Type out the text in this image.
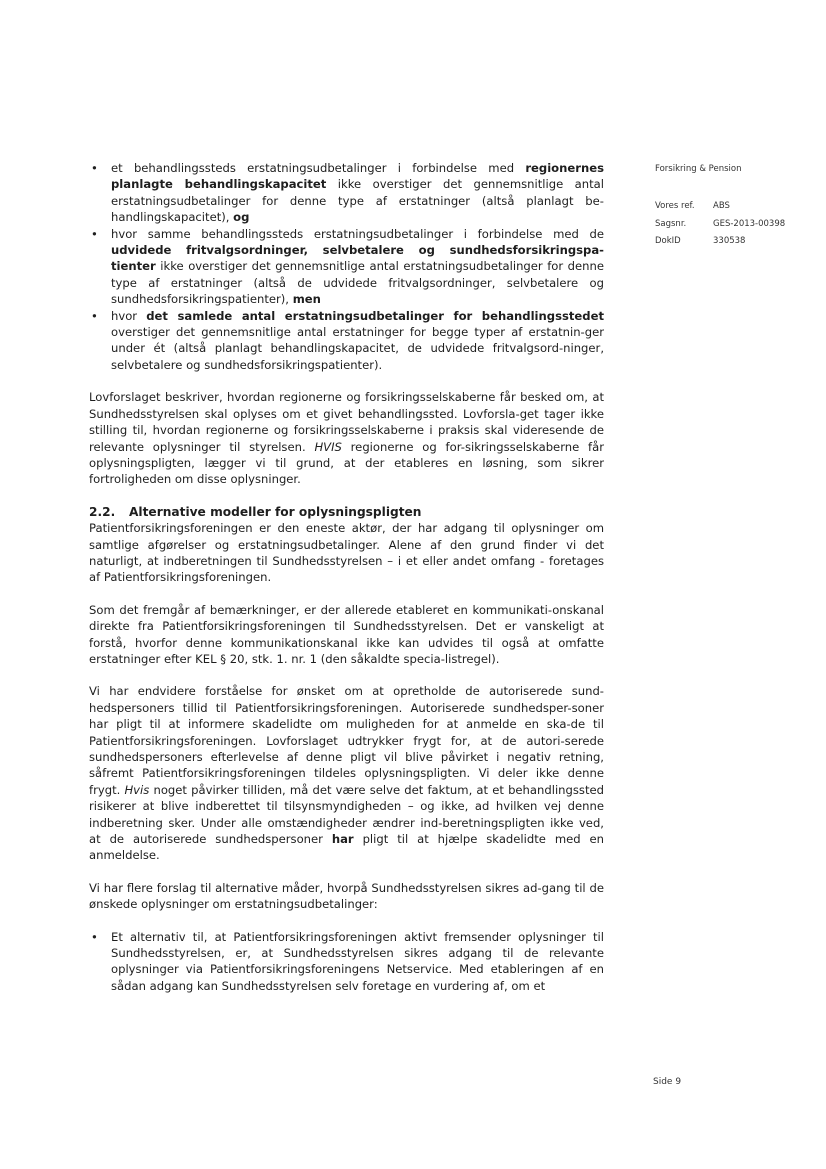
Forsikring & Pension
Vores ref. ABS
Sagsnr.	GES-2013-00398
DokID	330538
• et behandlingssteds erstatningsudbetalinger i forbindelse med regionernes planlagte behandlingskapacitet ikke overstiger det gennemsnitlige antal erstatningsudbetalinger for denne type af erstatninger (altså planlagt be-handlingskapacitet), og
• hvor samme behandlingssteds erstatningsudbetalinger i forbindelse med de udvidede fritvalgsordninger, selvbetalere og sundhedsforsikringspa-tienter ikke overstiger det gennemsnitlige antal erstatningsudbetalinger for denne type af erstatninger (altså de udvidede fritvalgsordninger, selvbetalere og sundhedsforsikringspatienter), men
• hvor det samlede antal erstatningsudbetalinger for behandlingsstedet overstiger det gennemsnitlige antal erstatninger for begge typer af erstatnin-ger under ét (altså planlagt behandlingskapacitet, de udvidede fritvalgsord-ninger, selvbetalere og sundhedsforsikringspatienter).

Lovforslaget beskriver, hvordan regionerne og forsikringsselskaberne får besked om, at Sundhedsstyrelsen skal oplyses om et givet behandlingssted. Lovforsla-get tager ikke stilling til, hvordan regionerne og forsikringsselskaberne i praksis skal videresende de relevante oplysninger til styrelsen. HVIS regionerne og for-sikringsselskaberne får oplysningspligten, lægger vi til grund, at der etableres en løsning, som sikrer fortroligheden om disse oplysninger.

2.2. Alternative modeller for oplysningspligten

Patientforsikringsforeningen er den eneste aktør, der har adgang til oplysninger om samtlige afgørelser og erstatningsudbetalinger. Alene af den grund finder vi det naturligt, at indberetningen til Sundhedsstyrelsen – i et eller andet omfang - foretages af Patientforsikringsforeningen.

Som det fremgår af bemærkninger, er der allerede etableret en kommunikati-onskanal direkte fra Patientforsikringsforeningen til Sundhedsstyrelsen. Det er vanskeligt at forstå, hvorfor denne kommunikationskanal ikke kan udvides til også at omfatte erstatninger efter KEL § 20, stk. 1. nr. 1 (den såkaldte specia-listregel).

Vi har endvidere forståelse for ønsket om at opretholde de autoriserede sund-hedspersoners tillid til Patientforsikringsforeningen. Autoriserede sundhedsper-soner har pligt til at informere skadelidte om muligheden for at anmelde en ska-de til Patientforsikringsforeningen. Lovforslaget udtrykker frygt for, at de autori-serede sundhedspersoners efterlevelse af denne pligt vil blive påvirket i negativ retning, såfremt Patientforsikringsforeningen tildeles oplysningspligten. Vi deler ikke denne frygt. Hvis noget påvirker tilliden, må det være selve det faktum, at et behandlingssted risikerer at blive indberettet til tilsynsmyndigheden – og ikke, ad hvilken vej denne indberetning sker. Under alle omstændigheder ændrer ind-beretningspligten ikke ved, at de autoriserede sundhedspersoner har pligt til at hjælpe skadelidte med en anmeldelse.

Vi har flere forslag til alternative måder, hvorpå Sundhedsstyrelsen sikres ad-gang til de ønskede oplysninger om erstatningsudbetalinger:

• Et alternativ til, at Patientforsikringsforeningen aktivt fremsender oplysninger til Sundhedsstyrelsen, er, at Sundhedsstyrelsen sikres adgang til de relevante oplysninger via Patientforsikringsforeningens Netservice. Med etableringen af en sådan adgang kan Sundhedsstyrelsen selv foretage en vurdering af, om et
Side 9
